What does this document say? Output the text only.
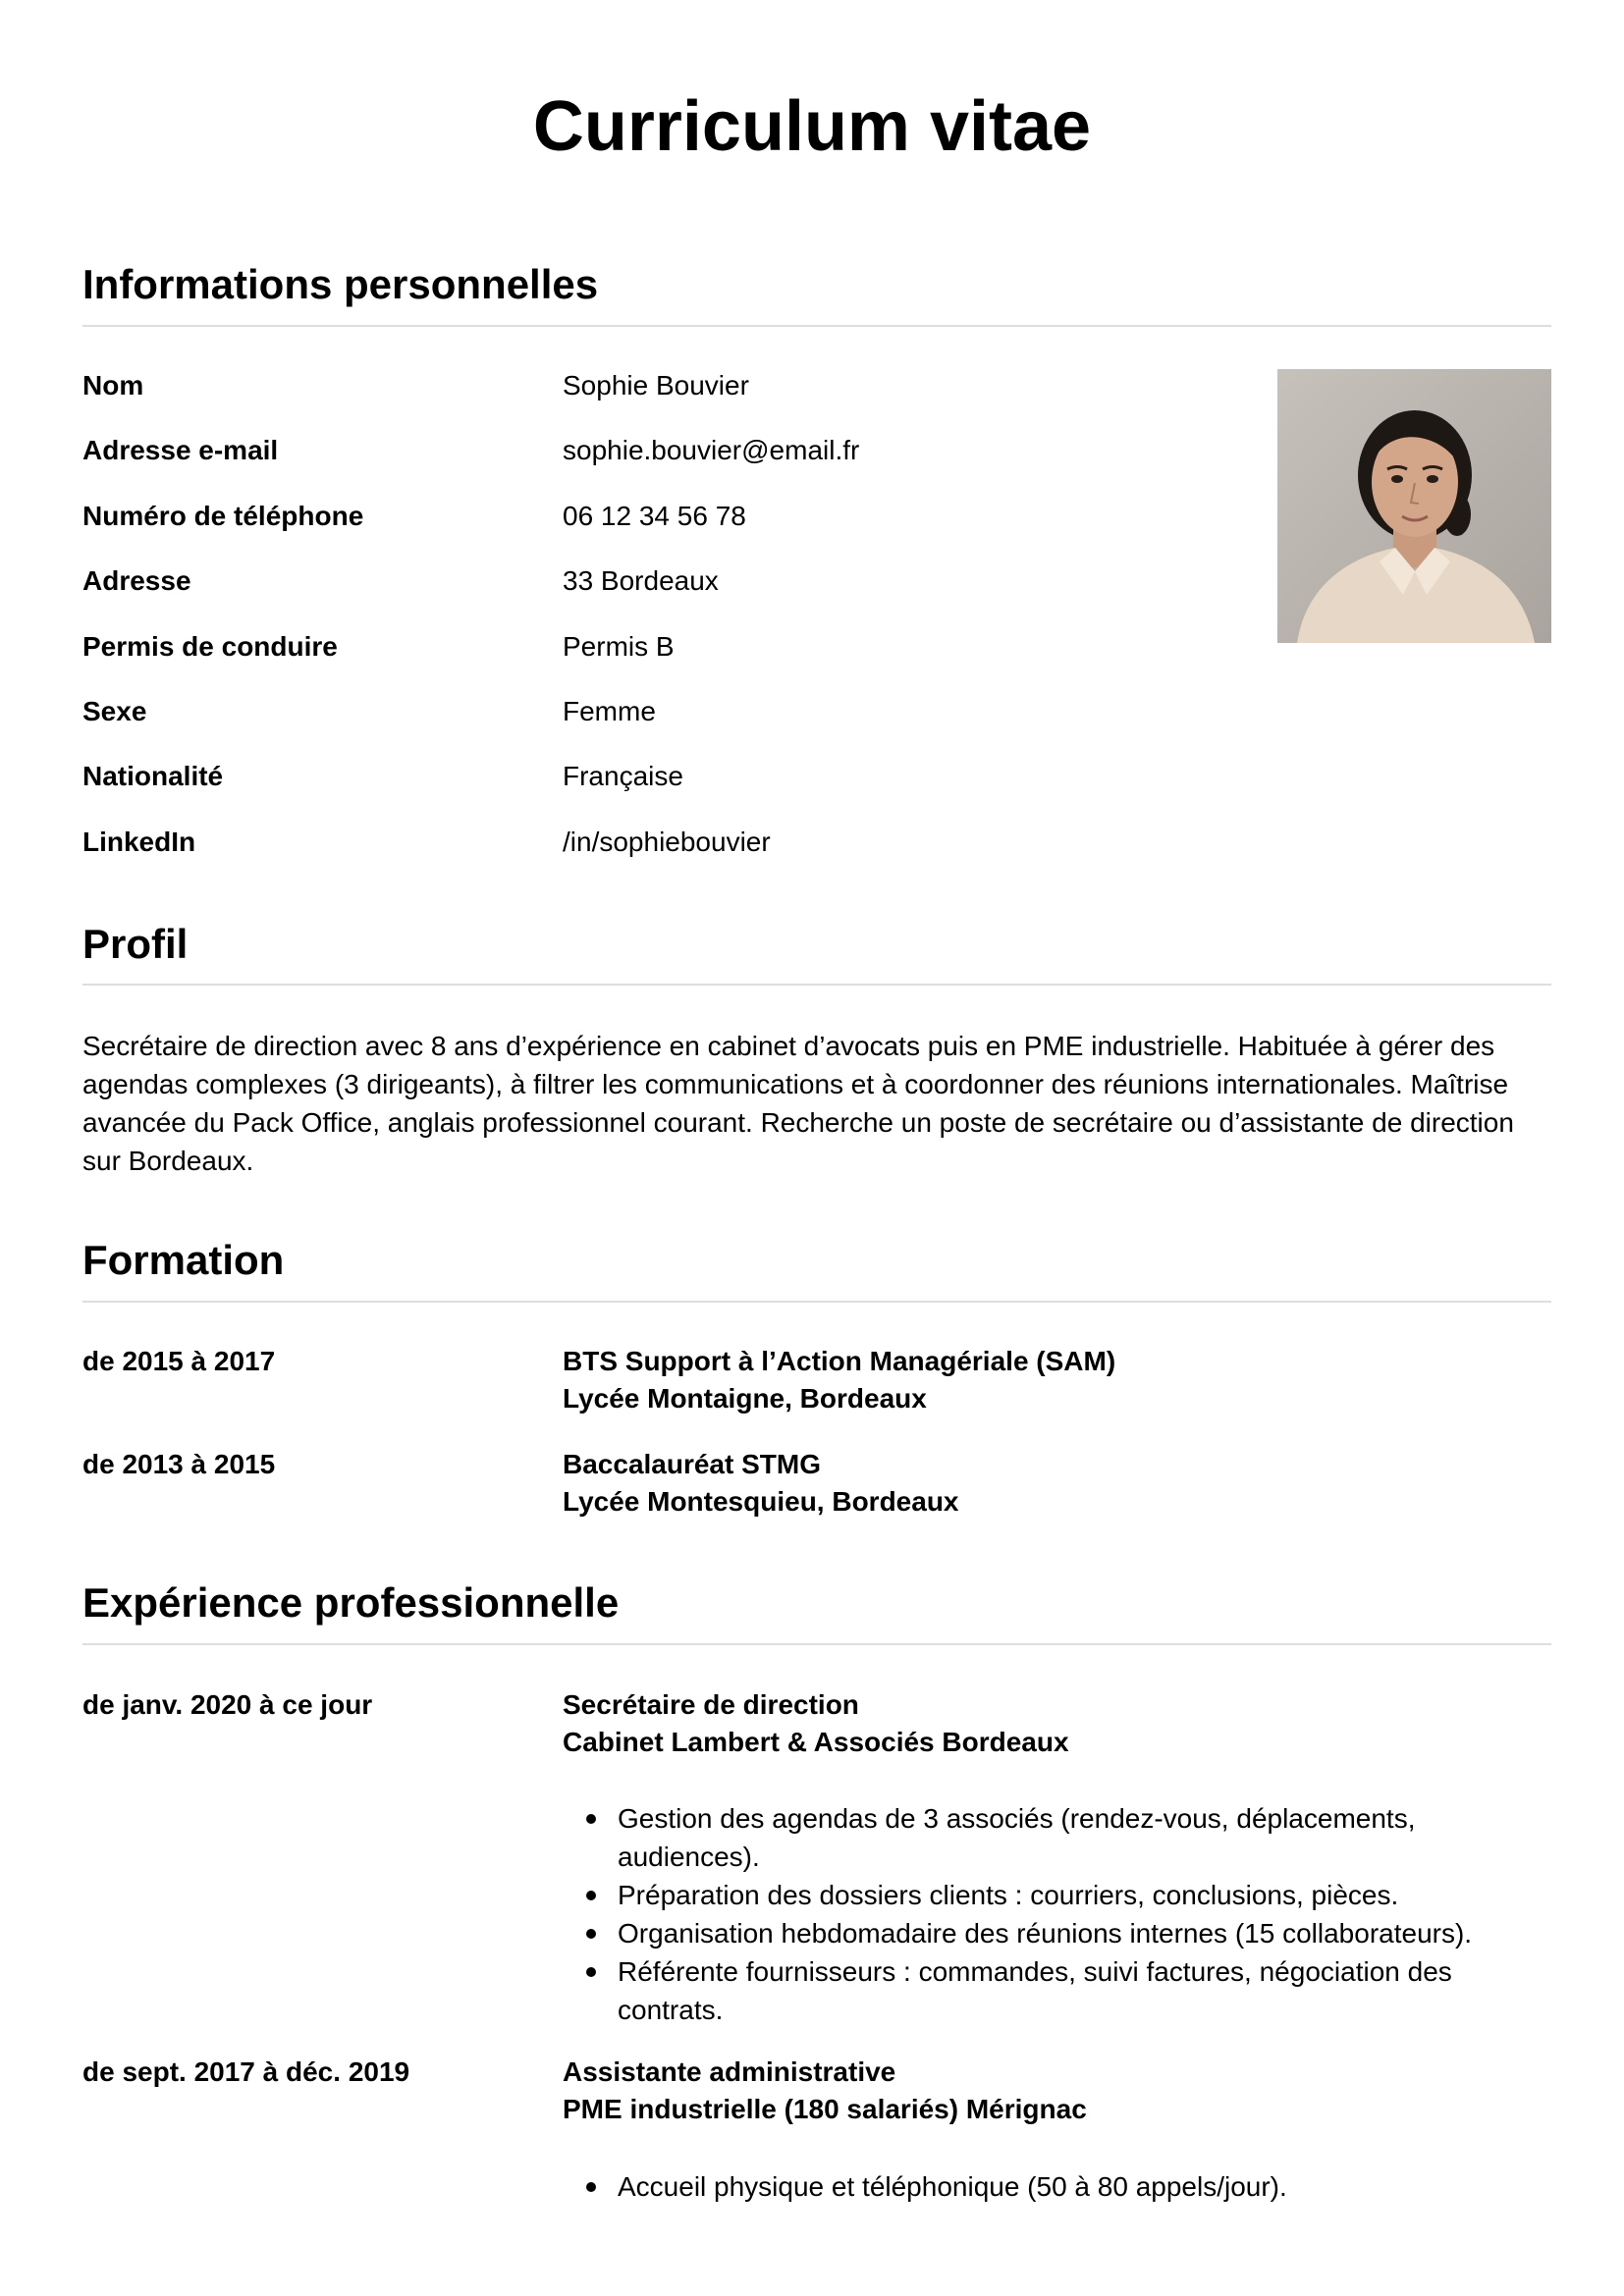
Curriculum vitae
Informations personnelles
Nom	Sophie Bouvier
Adresse e-mail	sophie.bouvier@email.fr
Numéro de téléphone	06 12 34 56 78
Adresse	33 Bordeaux
Permis de conduire	Permis B
Sexe	Femme
Nationalité	Française
LinkedIn	/in/sophiebouvier
Profil

Secrétaire de direction avec 8 ans d’expérience en cabinet d’avocats puis en PME industrielle. Habituée à gérer des agendas complexes (3 dirigeants), à filtrer les communications et à coordonner des réunions internationales. Maîtrise avancée du Pack Office, anglais professionnel courant. Recherche un poste de secrétaire ou d’assistante de direction sur Bordeaux.

Formation
de 2015 à 2017	BTS Support à l’Action Managériale (SAM)
Lycée Montaigne, Bordeaux
de 2013 à 2015	Baccalauréat STMG
Lycée Montesquieu, Bordeaux
Expérience professionnelle
de janv. 2020 à ce jour	Secrétaire de direction
Cabinet Lambert & Associés Bordeaux
Gestion des agendas de 3 associés (rendez-vous, déplacements, audiences).
Préparation des dossiers clients : courriers, conclusions, pièces.
Organisation hebdomadaire des réunions internes (15 collaborateurs).
Référente fournisseurs : commandes, suivi factures, négociation des contrats.
de sept. 2017 à déc. 2019	Assistante administrative
PME industrielle (180 salariés) Mérignac
Accueil physique et téléphonique (50 à 80 appels/jour).
